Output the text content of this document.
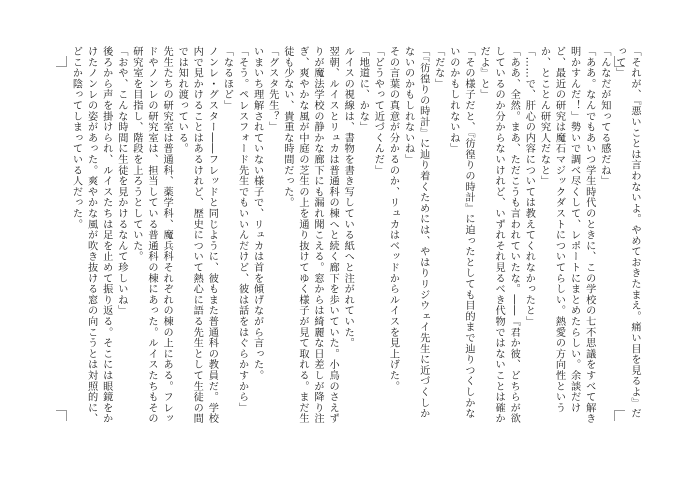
「それが、『悪いことは言わないよ。やめておきたまえ。痛い目を見るよ』だって」

「んなだが知ってる感だね」

「ああ。なんでもあいつ学生時代のときに、この学校の七不思議をすべて解き明かすんだ！」勢いで調べ尽くして、レポートにまとめたらしい。余談だけど、最近の研究は魔石マジックダストについてらしい。熱愛の方向性というか、とことん研究人だなと」

「……で、肝心の内容については教えてくれなかったと」

「ああ、全然。まあ、ただこうも言われていたな。――『君か彼、どちらが欲しているのか分からないけれど、いずれそれ見るべき代物ではないことは確かだよ』と」

「その様子だと、『彷徨りの時計』に迫ったとしても目的まで辿りつくしかないのかもしれないね」

「だな」

「『彷徨りの時計』に辿り着くためには、やはりリジウェイ先生に近づくしかないのかもしれないね」

その言葉の真意が分かるのか、リュカはベッドからルイスを見上げた。

「どうやって近づくんだ」

「地道に、かな」

ルイスの視線は、書物を書き写している紙へと注がれていた。

翌朝、ルイスとリュカは普通科の棟へと続く廊下を歩いていた。小鳥のさえずりが魔法学校の静かな廊下にも漏れ聞こえる。窓からは綺麗な日差しが降り注ぎ、爽やかな風が中庭の芝生の上を通り抜けてゆく様子が見て取れる。まだ生徒も少ない、貴重な時間だった。

「グスタ先生？」

いまいち理解されていない様子で、リュカは首を傾げながら言った。

「そう。ペレスフォード先生でもいいんだけど、彼は話をはぐらかすから」

「なるほど」

ノンレ・グスター――フレッドと同じように、彼もまた普通科の教員だ。学校内で見かけることはあるけれど、歴史について熱心に語る先生として生徒の間では知れ渡っている。

先生たちの研究室は普通科、薬学科、魔兵科それぞれの棟の上にある。フレッドやノンレの研究室は、担当している普通科の棟にあった。ルイスたちもその研究室を目指し、階段を上ろうとしていた。

「おや、こんな時間に生徒を見かけるなんて珍しいね」

後ろから声を掛けられ、ルイスたちは足を止めて振り返る。そこには眼鏡をかけたノンレの姿があった。爽やかな風が吹き抜ける窓の向こうとは対照的に、どこか陰ってしまっている人だった。
